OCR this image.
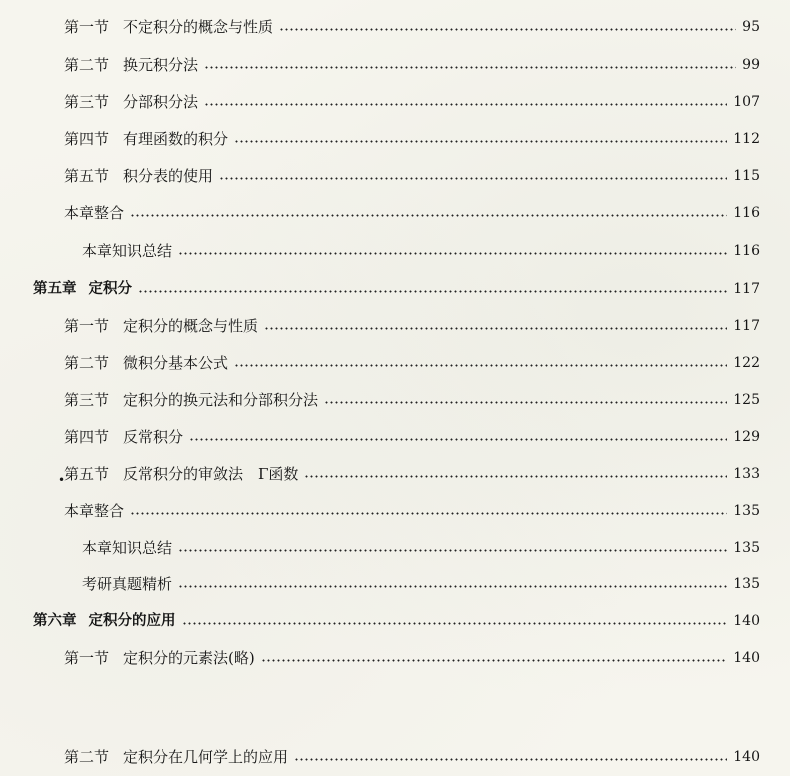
第一节 不定积分的概念与性质	95
第二节 换元积分法	99
第三节 分部积分法	107
第四节 有理函数的积分	112
第五节 积分表的使用	115
本章整合	116
本章知识总结	116
第五章 定积分	117
第一节 定积分的概念与性质	117
第二节 微积分基本公式	122
第三节 定积分的换元法和分部积分法	125
第四节 反常积分	129
•
第五节 反常积分的审敛法　Γ函数	133
本章整合	135
本章知识总结	135
考研真题精析	135
第六章 定积分的应用	140
第一节 定积分的元素法(略)	140
第二节 定积分在几何学上的应用	140
